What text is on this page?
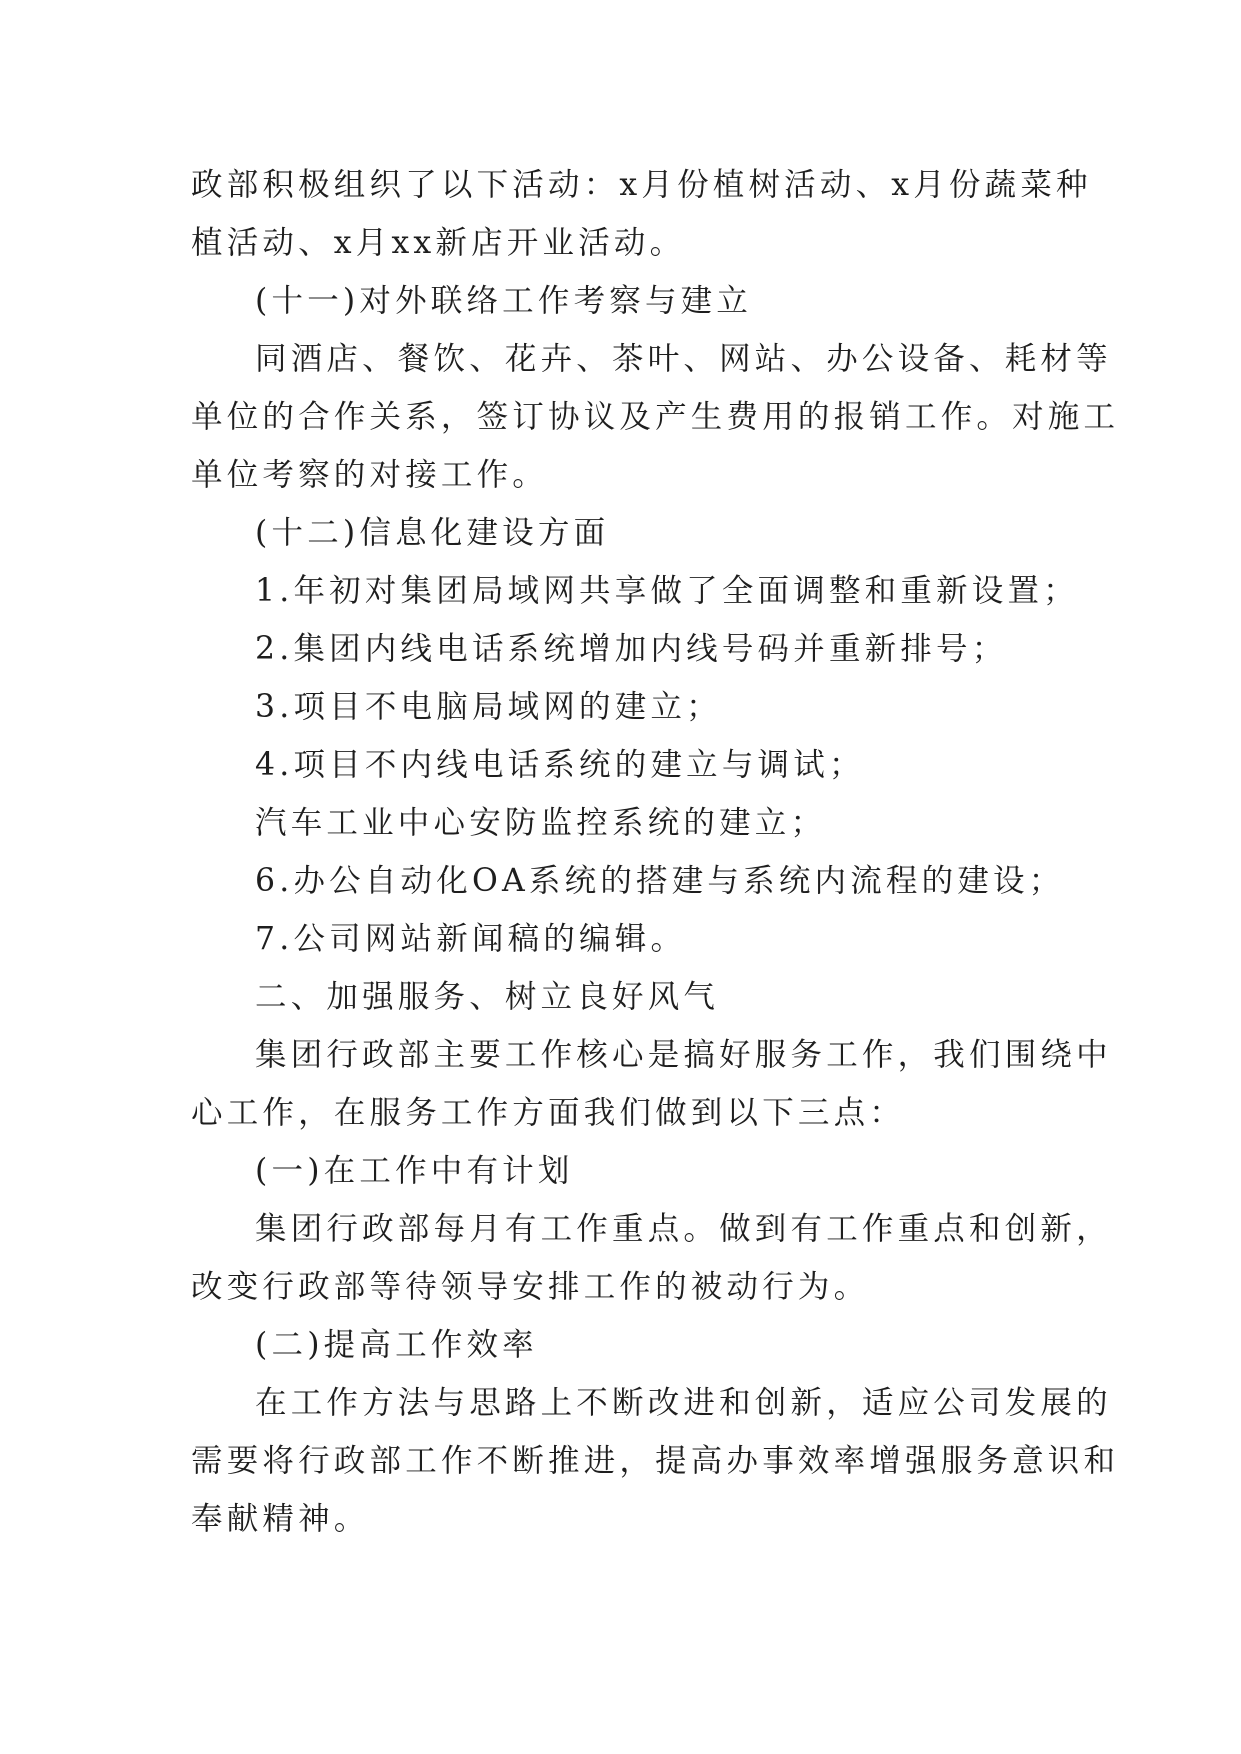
政部积极组织了以下活动：x月份植树活动、x月份蔬菜种
植活动、x月xx新店开业活动。
(十一)对外联络工作考察与建立
同酒店、餐饮、花卉、茶叶、网站、办公设备、耗材等
单位的合作关系，签订协议及产生费用的报销工作。对施工
单位考察的对接工作。
(十二)信息化建设方面
1.年初对集团局域网共享做了全面调整和重新设置；
2.集团内线电话系统增加内线号码并重新排号；
3.项目不电脑局域网的建立；
4.项目不内线电话系统的建立与调试；
汽车工业中心安防监控系统的建立；
6.办公自动化OA系统的搭建与系统内流程的建设；
7.公司网站新闻稿的编辑。
二、加强服务、树立良好风气
集团行政部主要工作核心是搞好服务工作，我们围绕中
心工作，在服务工作方面我们做到以下三点：
(一)在工作中有计划
集团行政部每月有工作重点。做到有工作重点和创新，
改变行政部等待领导安排工作的被动行为。
(二)提高工作效率
在工作方法与思路上不断改进和创新，适应公司发展的
需要将行政部工作不断推进，提高办事效率增强服务意识和
奉献精神。
